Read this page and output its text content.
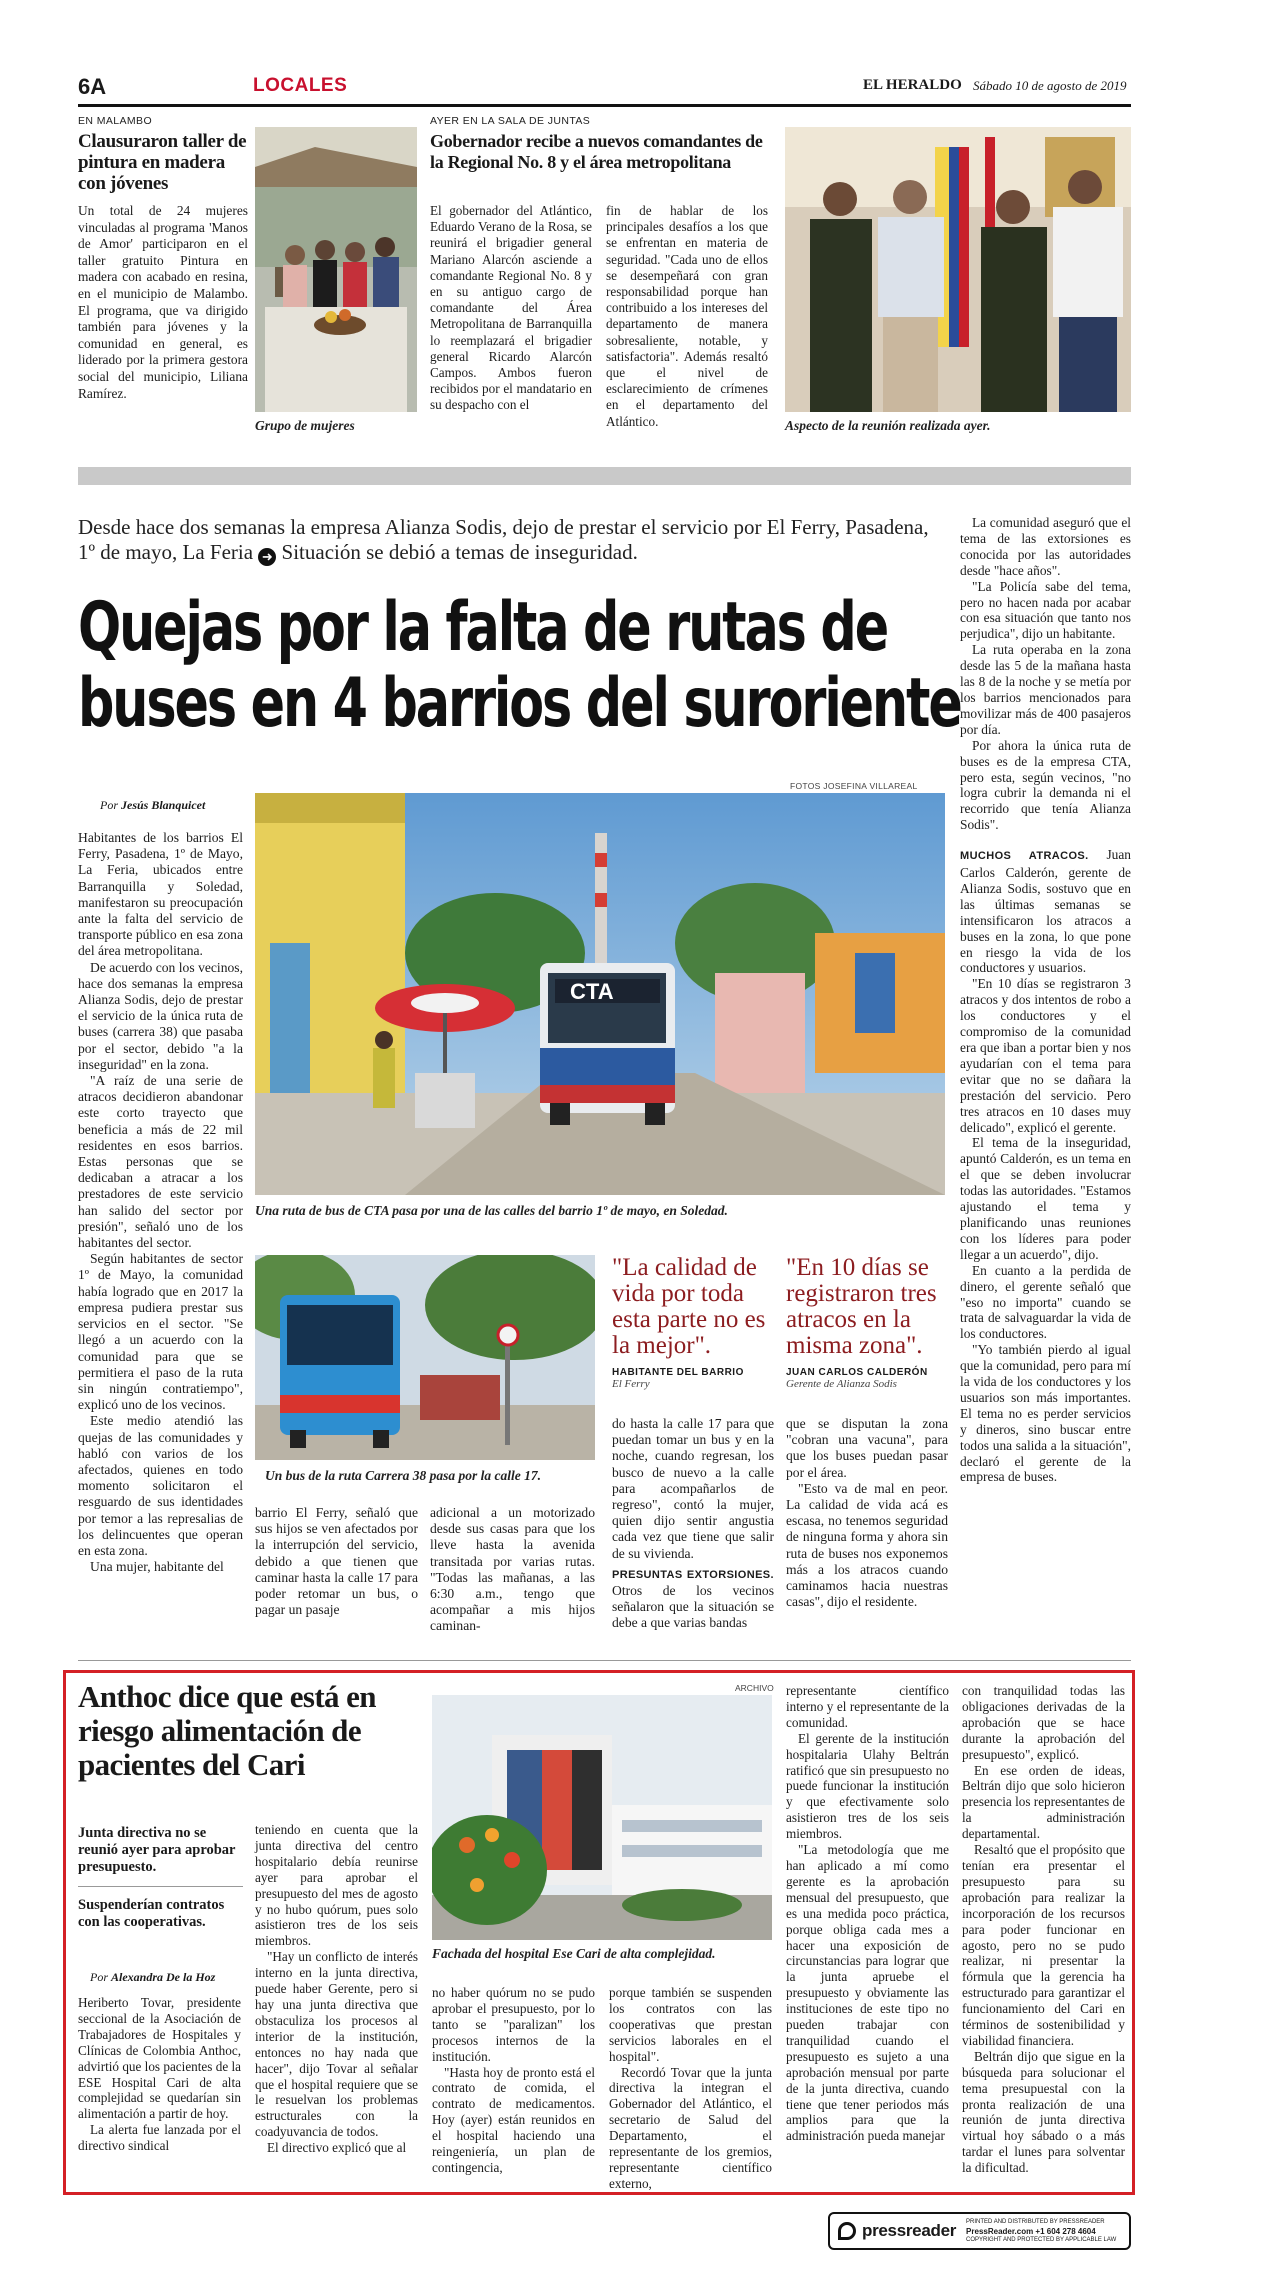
6A	LOCALES	EL HERALDO Sábado 10 de agosto de 2019
EN MALAMBO
Clausuraron taller de pintura en madera con jóvenes
Un total de 24 mujeres vinculadas al programa 'Manos de Amor' participaron en el taller gratuito Pintura en madera con acabado en resina, en el municipio de Malambo. El programa, que va dirigido también para jóvenes y la comunidad en general, es liderado por la primera gestora social del municipio, Liliana Ramírez.
Grupo de mujeres
AYER EN LA SALA DE JUNTAS
Gobernador recibe a nuevos comandantes de la Regional No. 8 y el área metropolitana
El gobernador del Atlántico, Eduardo Verano de la Rosa, se reunirá el brigadier general Mariano Alarcón asciende a comandante Regional No. 8 y en su antiguo cargo de comandante del Área Metropolitana de Barranquilla lo reemplazará el brigadier general Ricardo Alarcón Campos. Ambos fueron recibidos por el mandatario en su despacho con el
fin de hablar de los principales desafíos a los que se enfrentan en materia de seguridad. "Cada uno de ellos se desempeñará con gran responsabilidad porque han contribuido a los intereses del departamento de manera sobresaliente, notable, y satisfactoria". Además resaltó que el nivel de esclarecimiento de crímenes en el departamento del Atlántico.	Aspecto de la reunión realizada ayer.
Desde hace dos semanas la empresa Alianza Sodis, dejo de prestar el servicio por El Ferry, Pasadena, 1º de mayo, La Feria ➜ Situación se debió a temas de inseguridad.
Quejas por la falta de rutas de
buses en 4 barrios del suroriente
Por Jesús Blanquicet
FOTOS JOSEFINA VILLAREAL
CTA
Una ruta de bus de CTA pasa por una de las calles del barrio 1º de mayo, en Soledad.

Habitantes de los barrios El Ferry, Pasadena, 1º de Mayo, La Feria, ubicados entre Barranquilla y Soledad, manifestaron su preocupación ante la falta del servicio de transporte público en esa zona del área metropolitana.

De acuerdo con los vecinos, hace dos semanas la empresa Alianza Sodis, dejo de prestar el servicio de la única ruta de buses (carrera 38) que pasaba por el sector, debido "a la inseguridad" en la zona.

"A raíz de una serie de atracos decidieron abandonar este corto trayecto que beneficia a más de 22 mil residentes en esos barrios. Estas personas que se dedicaban a atracar a los prestadores de este servicio han salido del sector por presión", señaló uno de los habitantes del sector.

Según habitantes de sector 1º de Mayo, la comunidad había logrado que en 2017 la empresa pudiera prestar sus servicios en el sector. "Se llegó a un acuerdo con la comunidad para que se permitiera el paso de la ruta sin ningún contratiempo", explicó uno de los vecinos.

Este medio atendió las quejas de las comunidades y habló con varios de los afectados, quienes en todo momento solicitaron el resguardo de sus identidades por temor a las represalias de los delincuentes que operan en esta zona.

Una mujer, habitante del

Un bus de la ruta Carrera 38 pasa por la calle 17.
"La calidad de vida por toda esta parte no es la mejor".
HABITANTE DEL BARRIO
El Ferry
"En 10 días se registraron tres atracos en la misma zona".
JUAN CARLOS CALDERÓN
Gerente de Alianza Sodis
barrio El Ferry, señaló que sus hijos se ven afectados por la interrupción del servicio, debido a que tienen que caminar hasta la calle 17 para poder retomar un bus, o pagar un pasaje
adicional a un motorizado desde sus casas para que los lleve hasta la avenida transitada por varias rutas. "Todas las mañanas, a las 6:30 a.m., tengo que acompañar a mis hijos caminan-

do hasta la calle 17 para que puedan tomar un bus y en la noche, cuando regresan, los busco de nuevo a la calle para acompañarlos de regreso", contó la mujer, quien dijo sentir angustia cada vez que tiene que salir de su vivienda.

PRESUNTAS EXTORSIONES. Otros de los vecinos señalaron que la situación se debe a que varias bandas

que se disputan la zona "cobran una vacuna", para que los buses puedan pasar por el área.

"Esto va de mal en peor. La calidad de vida acá es escasa, no tenemos seguridad de ninguna forma y ahora sin ruta de buses nos exponemos más a los atracos cuando caminamos hacia nuestras casas", dijo el residente.

La comunidad aseguró que el tema de las extorsiones es conocida por las autoridades desde "hace años".

"La Policía sabe del tema, pero no hacen nada por acabar con esa situación que tanto nos perjudica", dijo un habitante.

La ruta operaba en la zona desde las 5 de la mañana hasta las 8 de la noche y se metía por los barrios mencionados para movilizar más de 400 pasajeros por día.

Por ahora la única ruta de buses es de la empresa CTA, pero esta, según vecinos, "no logra cubrir la demanda ni el recorrido que tenía Alianza Sodis".

MUCHOS ATRACOS. Juan Carlos Calderón, gerente de Alianza Sodis, sostuvo que en las últimas semanas se intensificaron los atracos a buses en la zona, lo que pone en riesgo la vida de los conductores y usuarios.

"En 10 días se registraron 3 atracos y dos intentos de robo a los conductores y el compromiso de la comunidad era que iban a portar bien y nos ayudarían con el tema para evitar que no se dañara la prestación del servicio. Pero tres atracos en 10 dases muy delicado", explicó el gerente.

El tema de la inseguridad, apuntó Calderón, es un tema en el que se deben involucrar todas las autoridades. "Estamos ajustando el tema y planificando unas reuniones con los líderes para poder llegar a un acuerdo", dijo.

En cuanto a la perdida de dinero, el gerente señaló que "eso no importa" cuando se trata de salvaguardar la vida de los conductores.

"Yo también pierdo al igual que la comunidad, pero para mí la vida de los conductores y los usuarios son más importantes. El tema no es perder servicios y dineros, sino buscar entre todos una salida a la situación", declaró el gerente de la empresa de buses.

Anthoc dice que está en riesgo alimentación de pacientes del Cari
Junta directiva no se reunió ayer para aprobar presupuesto.
Suspenderían contratos con las cooperativas.
Por Alexandra De la Hoz

Heriberto Tovar, presidente seccional de la Asociación de Trabajadores de Hospitales y Clínicas de Colombia Anthoc, advirtió que los pacientes de la ESE Hospital Cari de alta complejidad se quedarían sin alimentación a partir de hoy.

La alerta fue lanzada por el directivo sindical

ARCHIVO
Fachada del hospital Ese Cari de alta complejidad.

teniendo en cuenta que la junta directiva del centro hospitalario debía reunirse ayer para aprobar el presupuesto del mes de agosto y no hubo quórum, pues solo asistieron tres de los seis miembros.

"Hay un conflicto de interés interno en la junta directiva, puede haber Gerente, pero si hay una junta directiva que obstaculiza los procesos al interior de la institución, entonces no hay nada que hacer", dijo Tovar al señalar que el hospital requiere que se le resuelvan los problemas estructurales con la coadyuvancia de todos.

El directivo explicó que al

no haber quórum no se pudo aprobar el presupuesto, por lo tanto se "paralizan" los procesos internos de la institución.

"Hasta hoy de pronto está el contrato de comida, el contrato de medicamentos. Hoy (ayer) están reunidos en el hospital haciendo una reingeniería, un plan de contingencia,

porque también se suspenden los contratos con las cooperativas que prestan servicios laborales en el hospital".

Recordó Tovar que la junta directiva la integran el Gobernador del Atlántico, el secretario de Salud del Departamento, el representante de los gremios, representante científico externo,

representante científico interno y el representante de la comunidad.

El gerente de la institución hospitalaria Ulahy Beltrán ratificó que sin presupuesto no puede funcionar la institución y que efectivamente solo asistieron tres de los seis miembros.

"La metodología que me han aplicado a mí como gerente es la aprobación mensual del presupuesto, que es una medida poco práctica, porque obliga cada mes a hacer una exposición de circunstancias para lograr que la junta apruebe el presupuesto y obviamente las instituciones de este tipo no pueden trabajar con tranquilidad cuando el presupuesto es sujeto a una aprobación mensual por parte de la junta directiva, cuando tiene que tener periodos más amplios para que la administración pueda manejar

con tranquilidad todas las obligaciones derivadas de la aprobación que se hace durante la aprobación del presupuesto", explicó.

En ese orden de ideas, Beltrán dijo que solo hicieron presencia los representantes de la administración departamental.

Resaltó que el propósito que tenían era presentar el presupuesto para su aprobación para realizar la incorporación de los recursos para poder funcionar en agosto, pero no se pudo realizar, ni presentar la fórmula que la gerencia ha estructurado para garantizar el funcionamiento del Cari en términos de sostenibilidad y viabilidad financiera.

Beltrán dijo que sigue en la búsqueda para solucionar el tema presupuestal con la pronta realización de una reunión de junta directiva virtual hoy sábado o a más tardar el lunes para solventar la dificultad.

pressreader PRINTED AND DISTRIBUTED BY PRESSREADER
PressReader.com +1 604 278 4604
COPYRIGHT AND PROTECTED BY APPLICABLE LAW
